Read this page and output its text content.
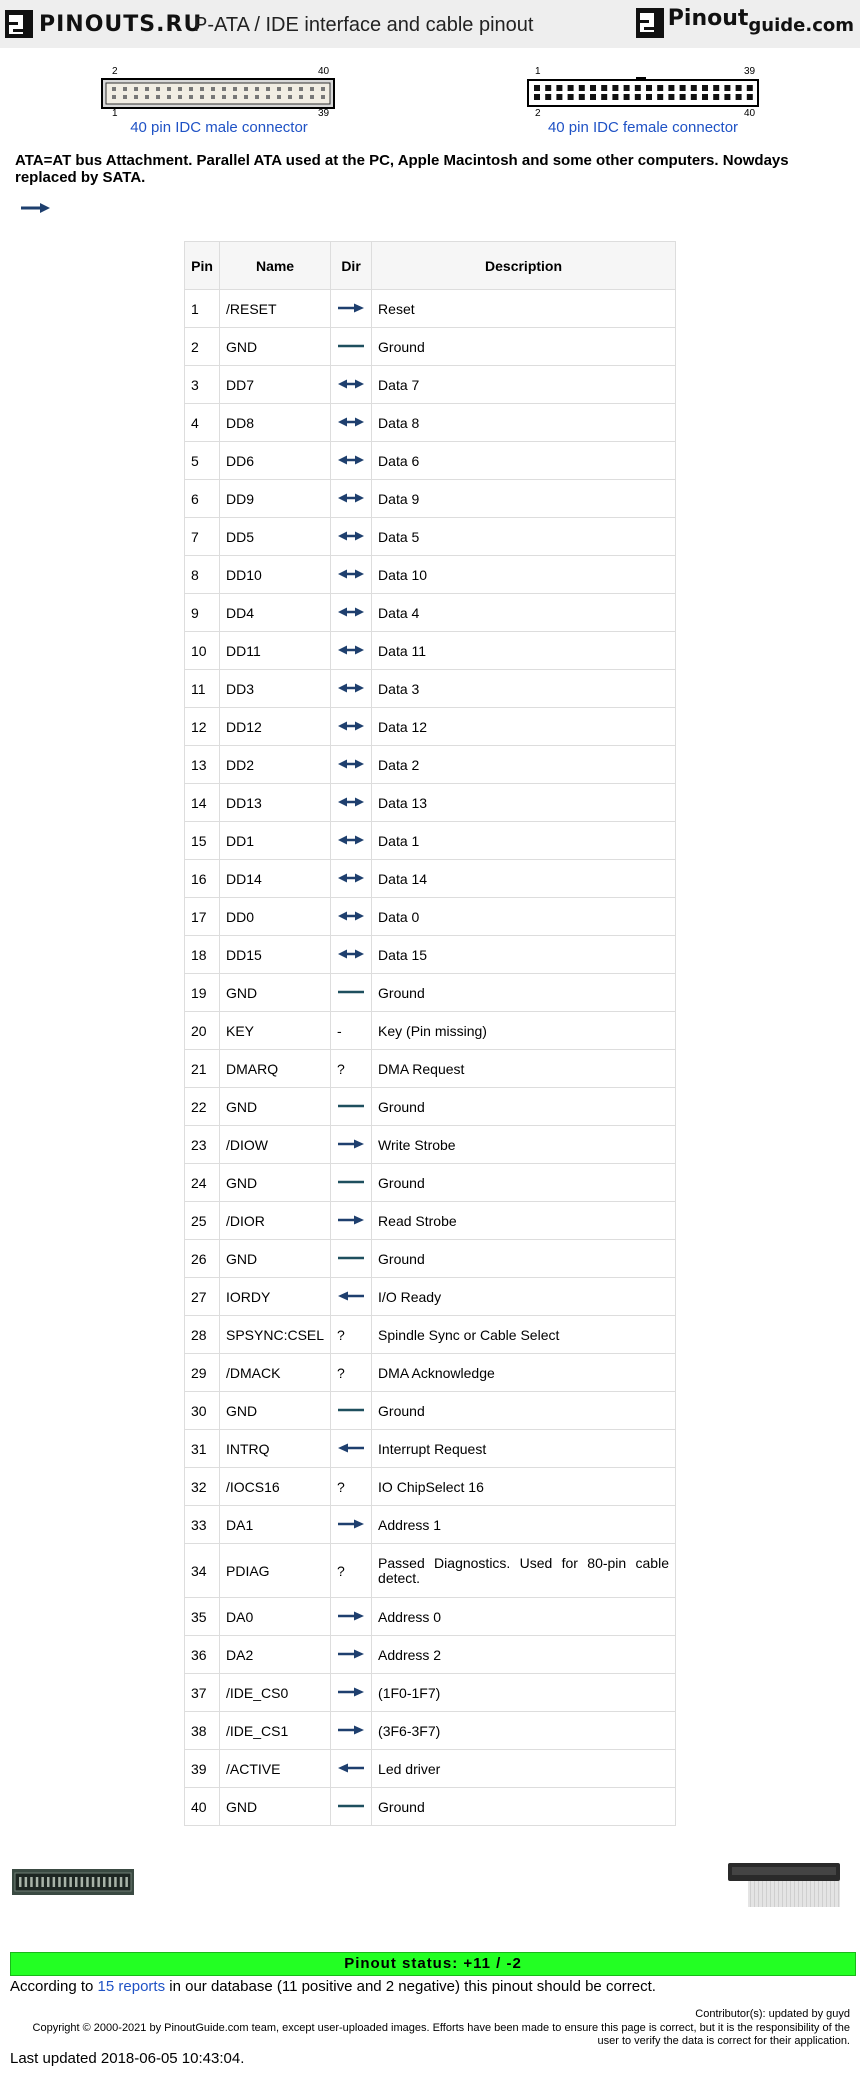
PINOUTS.RU
P-ATA / IDE interface and cable pinout	Pinoutguide.com
2	40
1	39
40 pin IDC male connector
1	39
2	40
40 pin IDC female connector
ATA=AT bus Attachment. Parallel ATA used at the PC, Apple Macintosh and some other computers. Nowdays replaced by SATA.
Pin	Name	Dir	Description
1	/RESET		Reset
2	GND		Ground
3	DD7		Data 7
4	DD8		Data 8
5	DD6		Data 6
6	DD9		Data 9
7	DD5		Data 5
8	DD10		Data 10
9	DD4		Data 4
10	DD11		Data 11
11	DD3		Data 3
12	DD12		Data 12
13	DD2		Data 2
14	DD13		Data 13
15	DD1		Data 1
16	DD14		Data 14
17	DD0		Data 0
18	DD15		Data 15
19	GND		Ground
20	KEY	-	Key (Pin missing)
21	DMARQ	?	DMA Request
22	GND		Ground
23	/DIOW		Write Strobe
24	GND		Ground
25	/DIOR		Read Strobe
26	GND		Ground
27	IORDY		I/O Ready
28	SPSYNC:CSEL	?	Spindle Sync or Cable Select
29	/DMACK	?	DMA Acknowledge
30	GND		Ground
31	INTRQ		Interrupt Request
32	/IOCS16	?	IO ChipSelect 16
33	DA1		Address 1
34	PDIAG	?	Passed Diagnostics. Used for 80-pin cable detect.
35	DA0		Address 0
36	DA2		Address 2
37	/IDE_CS0		(1F0-1F7)
38	/IDE_CS1		(3F6-3F7)
39	/ACTIVE		Led driver
40	GND		Ground
Pinout status: +11 / -2
According to 15 reports in our database (11 positive and 2 negative) this pinout should be correct.
Contributor(s): updated by guyd
Copyright © 2000-2021 by PinoutGuide.com team, except user-uploaded images. Efforts have been made to ensure this page is correct, but it is the responsibility of the user to verify the data is correct for their application.
Last updated 2018-06-05 10:43:04.
